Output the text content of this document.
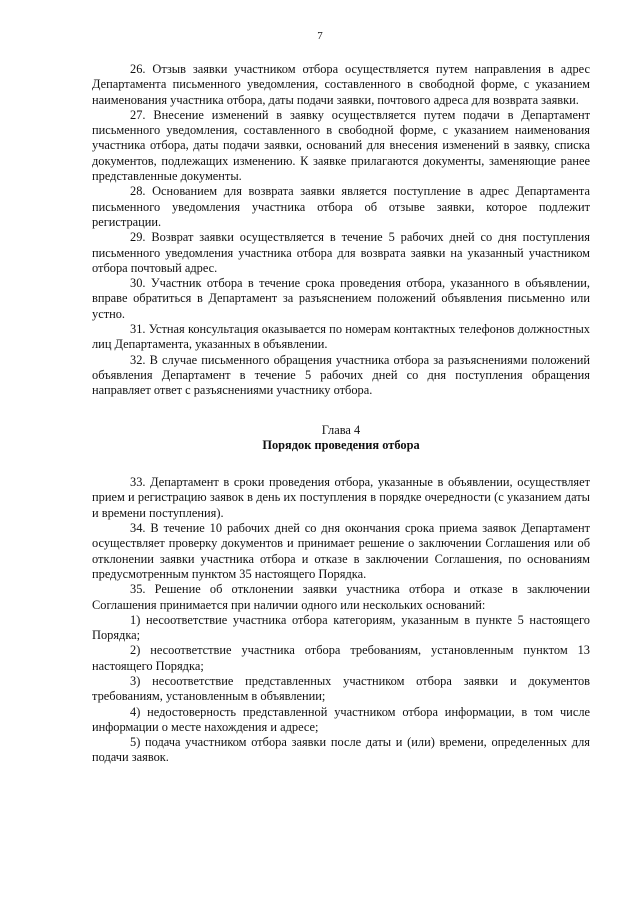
7

26. Отзыв заявки участником отбора осуществляется путем направления в адрес Департамента письменного уведомления, составленного в свободной форме, с указанием наименования участника отбора, даты подачи заявки, почтового адреса для возврата заявки.

27. Внесение изменений в заявку осуществляется путем подачи в Департамент письменного уведомления, составленного в свободной форме, с указанием наименования участника отбора, даты подачи заявки, оснований для внесения изменений в заявку, списка документов, подлежащих изменению. К заявке прилагаются документы, заменяющие ранее представленные документы.

28. Основанием для возврата заявки является поступление в адрес Департамента письменного уведомления участника отбора об отзыве заявки, которое подлежит регистрации.

29. Возврат заявки осуществляется в течение 5 рабочих дней со дня поступления письменного уведомления участника отбора для возврата заявки на указанный участником отбора почтовый адрес.

30. Участник отбора в течение срока проведения отбора, указанного в объявлении, вправе обратиться в Департамент за разъяснением положений объявления письменно или устно.

31. Устная консультация оказывается по номерам контактных телефонов должностных лиц Департамента, указанных в объявлении.

32. В случае письменного обращения участника отбора за разъяснениями положений объявления Департамент в течение 5 рабочих дней со дня поступления обращения направляет ответ с разъяснениями участнику отбора.

Глава 4

Порядок проведения отбора

33. Департамент в сроки проведения отбора, указанные в объявлении, осуществляет прием и регистрацию заявок в день их поступления в порядке очередности (с указанием даты и времени поступления).

34. В течение 10 рабочих дней со дня окончания срока приема заявок Департамент осуществляет проверку документов и принимает решение о заключении Соглашения или об отклонении заявки участника отбора и отказе в заключении Соглашения, по основаниям предусмотренным пунктом 35 настоящего Порядка.

35. Решение об отклонении заявки участника отбора и отказе в заключении Соглашения принимается при наличии одного или нескольких оснований:

1) несоответствие участника отбора категориям, указанным в пункте 5 настоящего Порядка;

2) несоответствие участника отбора требованиям, установленным пунктом 13 настоящего Порядка;

3) несоответствие представленных участником отбора заявки и документов требованиям, установленным в объявлении;

4) недостоверность представленной участником отбора информации, в том числе информации о месте нахождения и адресе;

5) подача участником отбора заявки после даты и (или) времени, определенных для подачи заявок.
